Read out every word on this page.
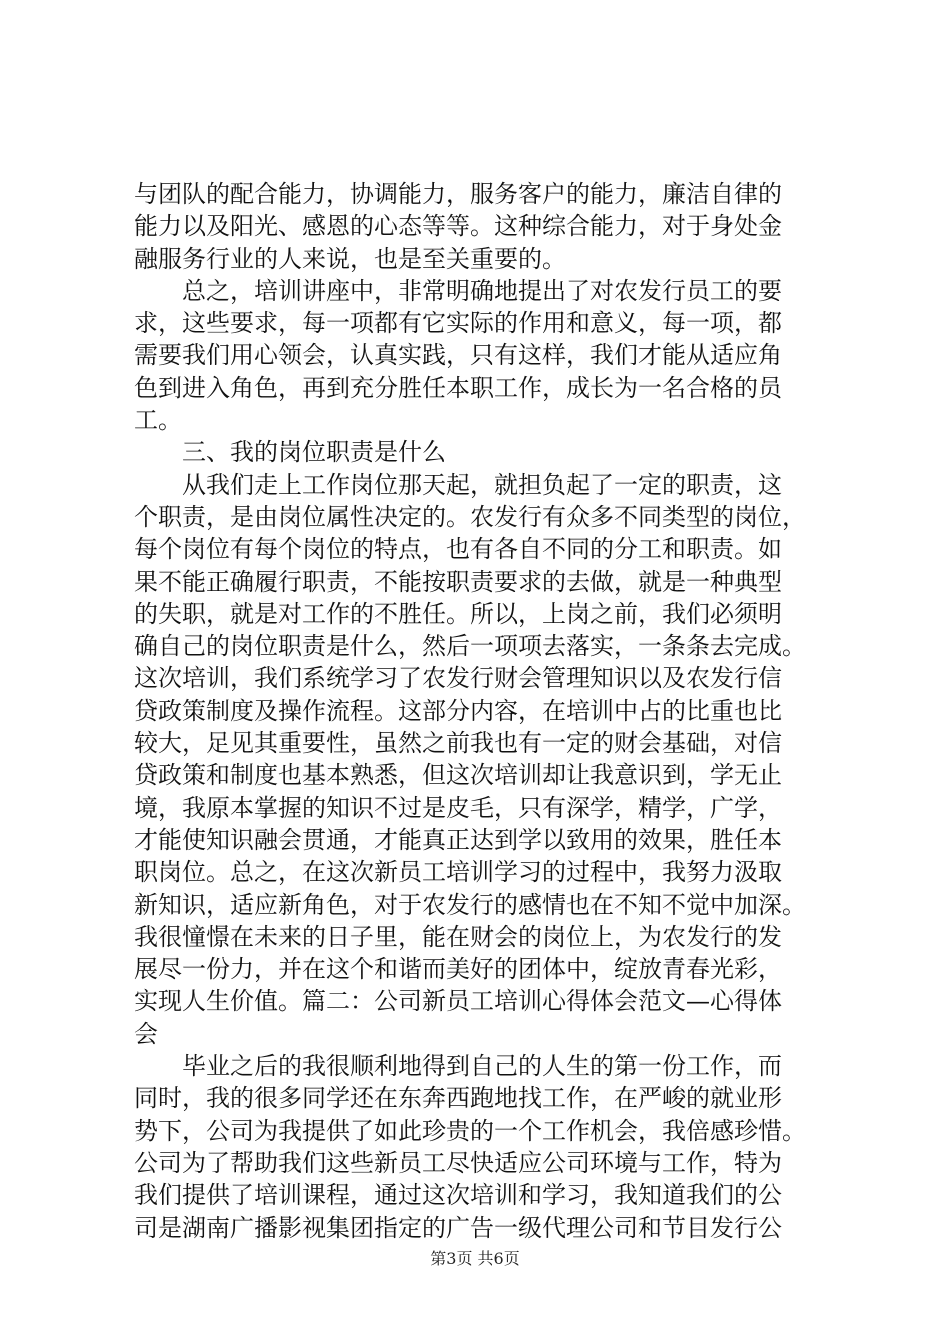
与团队的配合能力，协调能力，服务客户的能力，廉洁自律的
能力以及阳光、感恩的心态等等。这种综合能力，对于身处金
融服务行业的人来说，也是至关重要的。

　　总之，培训讲座中，非常明确地提出了对农发行员工的要
求，这些要求，每一项都有它实际的作用和意义，每一项，都
需要我们用心领会，认真实践，只有这样，我们才能从适应角
色到进入角色，再到充分胜任本职工作，成长为一名合格的员
工。

　　三、我的岗位职责是什么

　　从我们走上工作岗位那天起，就担负起了一定的职责，这
个职责，是由岗位属性决定的。农发行有众多不同类型的岗位，
每个岗位有每个岗位的特点，也有各自不同的分工和职责。如
果不能正确履行职责，不能按职责要求的去做，就是一种典型
的失职，就是对工作的不胜任。所以，上岗之前，我们必须明
确自己的岗位职责是什么，然后一项项去落实，一条条去完成。
这次培训，我们系统学习了农发行财会管理知识以及农发行信
贷政策制度及操作流程。这部分内容，在培训中占的比重也比
较大，足见其重要性，虽然之前我也有一定的财会基础，对信
贷政策和制度也基本熟悉，但这次培训却让我意识到，学无止
境，我原本掌握的知识不过是皮毛，只有深学，精学，广学，
才能使知识融会贯通，才能真正达到学以致用的效果，胜任本
职岗位。总之，在这次新员工培训学习的过程中，我努力汲取
新知识，适应新角色，对于农发行的感情也在不知不觉中加深。
我很憧憬在未来的日子里，能在财会的岗位上，为农发行的发
展尽一份力，并在这个和谐而美好的团体中，绽放青春光彩，
实现人生价值。篇二：公司新员工培训心得体会范文—心得体
会

　　毕业之后的我很顺利地得到自己的人生的第一份工作，而
同时，我的很多同学还在东奔西跑地找工作，在严峻的就业形
势下，公司为我提供了如此珍贵的一个工作机会，我倍感珍惜。
公司为了帮助我们这些新员工尽快适应公司环境与工作，特为
我们提供了培训课程，通过这次培训和学习，我知道我们的公
司是湖南广播影视集团指定的广告一级代理公司和节目发行公

第3页 共6页
